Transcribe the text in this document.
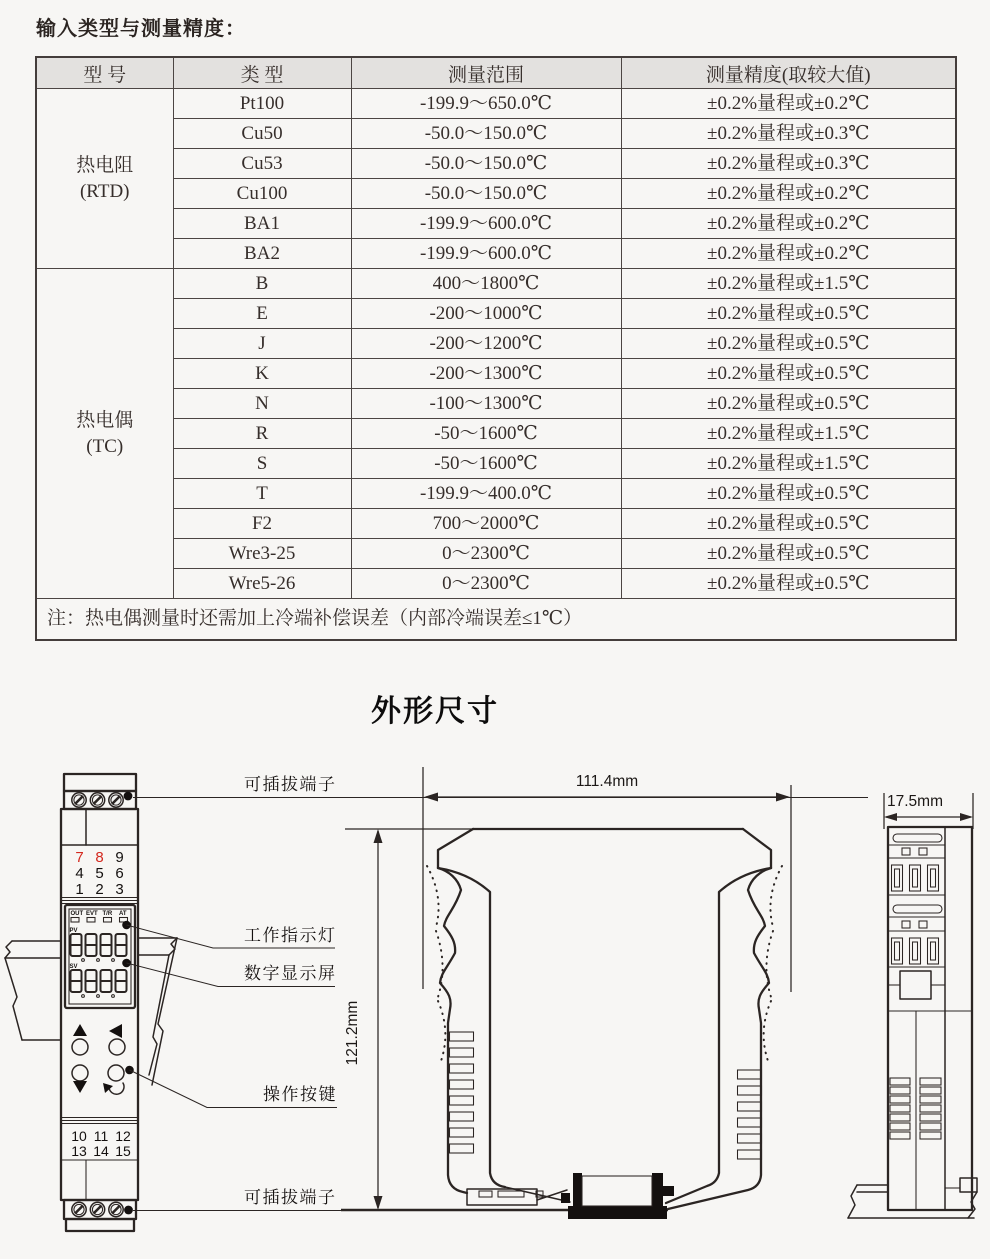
输入类型与测量精度：
型 号	类 型	测量范围	测量精度(取较大值)

热电阻
(RTD)	Pt100	-199.9～650.0℃	±0.2%量程或±0.2℃
	Cu50	-50.0～150.0℃	±0.2%量程或±0.3℃
	Cu53	-50.0～150.0℃	±0.2%量程或±0.3℃
	Cu100	-50.0～150.0℃	±0.2%量程或±0.2℃
	BA1	-199.9～600.0℃	±0.2%量程或±0.2℃
	BA2	-199.9～600.0℃	±0.2%量程或±0.2℃

热电偶
(TC)	B	400～1800℃	±0.2%量程或±1.5℃
	E	-200～1000℃	±0.2%量程或±0.5℃
	J	-200～1200℃	±0.2%量程或±0.5℃
	K	-200～1300℃	±0.2%量程或±0.5℃
	N	-100～1300℃	±0.2%量程或±0.5℃
	R	-50～1600℃	±0.2%量程或±1.5℃
	S	-50～1600℃	±0.2%量程或±1.5℃
	T	-199.9～400.0℃	±0.2%量程或±0.5℃
	F2	700～2000℃	±0.2%量程或±0.5℃
	Wre3-25	0～2300℃	±0.2%量程或±0.5℃
	Wre5-26	0～2300℃	±0.2%量程或±0.5℃
注：热电偶测量时还需加上冷端补偿误差（内部冷端误差≤1℃）			
外形尺寸
7 8 9
4 5 6
1 2 3
OUT EVT T/R AT
PV
SV
10 11 12
13 14 15
可插拔端子
工作指示灯
数字显示屏
操作按键
可插拔端子
111.4mm
121.2mm
17.5mm
